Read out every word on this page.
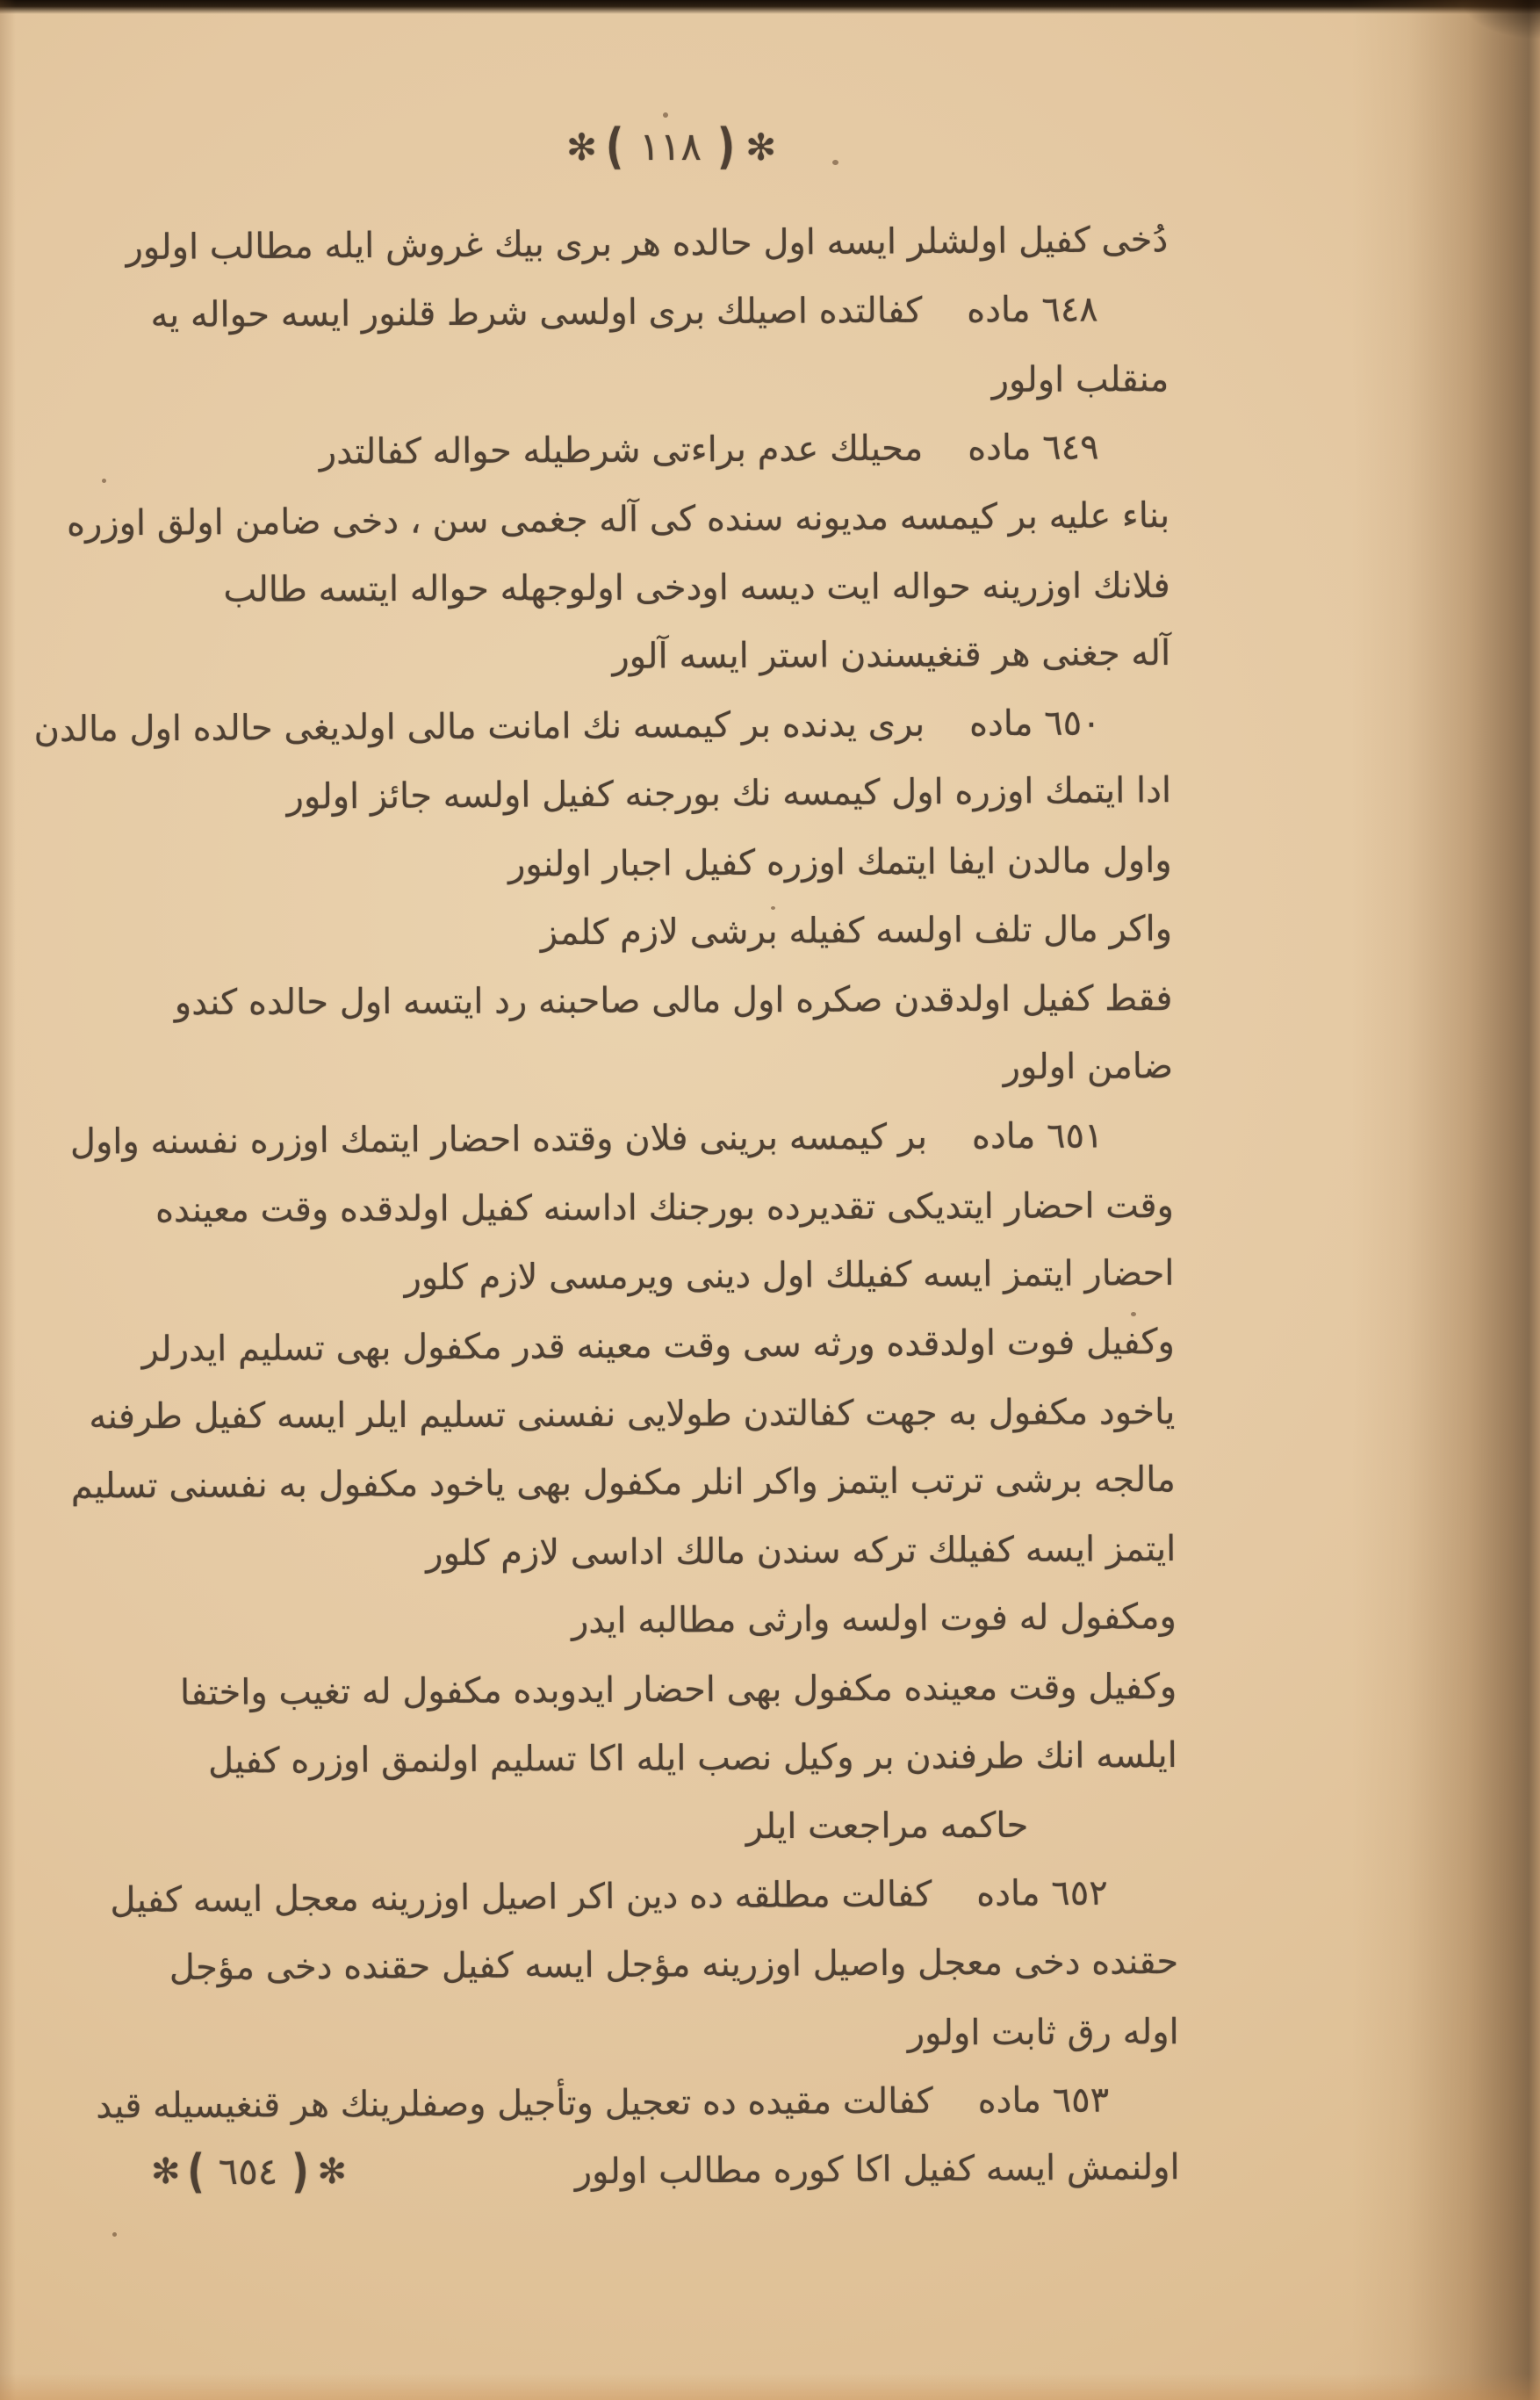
✻ ( ١١٨ ) ✻
دُخى كفيل اولشلر ايسه اول حالده هر برى بيك غروش ايله مطالب اولور
٦٤٨ ماده    كفالتده اصيلك برى اولسى شرط قلنور ايسه حواله يه
منقلب اولور
٦٤٩ ماده    محيلك عدم براءتى شرطيله حواله كفالتدر
بناء عليه بر كيمسه مديونه سنده كى آله جغمى سن ، دخى ضامن اولق اوزره
فلانك اوزرينه حواله ايت ديسه اودخى اولوجهله حواله ايتسه طالب
آله جغنى هر قنغيسندن استر ايسه آلور
٦٥٠ ماده    برى يدنده بر كيمسه نك امانت مالى اولديغى حالده اول مالدن
ادا ايتمك اوزره اول كيمسه نك بورجنه كفيل اولسه جائز اولور
واول مالدن ايفا ايتمك اوزره كفيل اجبار اولنور
واكر مال تلف اولسه كفيله برشى لازم كلمز
فقط كفيل اولدقدن صكره اول مالى صاحبنه رد ايتسه اول حالده كندو
ضامن اولور
٦٥١ ماده    بر كيمسه برينى فلان وقتده احضار ايتمك اوزره نفسنه واول
وقت احضار ايتديكى تقديرده بورجنك اداسنه كفيل اولدقده وقت معينده
احضار ايتمز ايسه كفيلك اول دينى ويرمسى لازم كلور
وكفيل فوت اولدقده ورثه سى وقت معينه قدر مكفول بهى تسليم ايدرلر
ياخود مكفول به جهت كفالتدن طولايى نفسنى تسليم ايلر ايسه كفيل طرفنه
مالجه برشى ترتب ايتمز واكر انلر مكفول بهى ياخود مكفول به نفسنى تسليم
ايتمز ايسه كفيلك تركه سندن مالك اداسى لازم كلور
ومكفول له فوت اولسه وارثى مطالبه ايدر
وكفيل وقت معينده مكفول بهى احضار ايدوبده مكفول له تغيب واختفا
ايلسه انك طرفندن بر وكيل نصب ايله اكا تسليم اولنمق اوزره كفيل
حاكمه مراجعت ايلر
٦٥٢ ماده    كفالت مطلقه ده دين اكر اصيل اوزرينه معجل ايسه كفيل
حقنده دخى معجل واصيل اوزرينه مؤجل ايسه كفيل حقنده دخى مؤجل
اوله رق ثابت اولور
٦٥٣ ماده    كفالت مقيده ده تعجيل وتأجيل وصفلرينك هر قنغيسيله قيد
اولنمش ايسه كفيل اكا كوره مطالب اولور
✻ ( ٦٥٤ ) ✻
